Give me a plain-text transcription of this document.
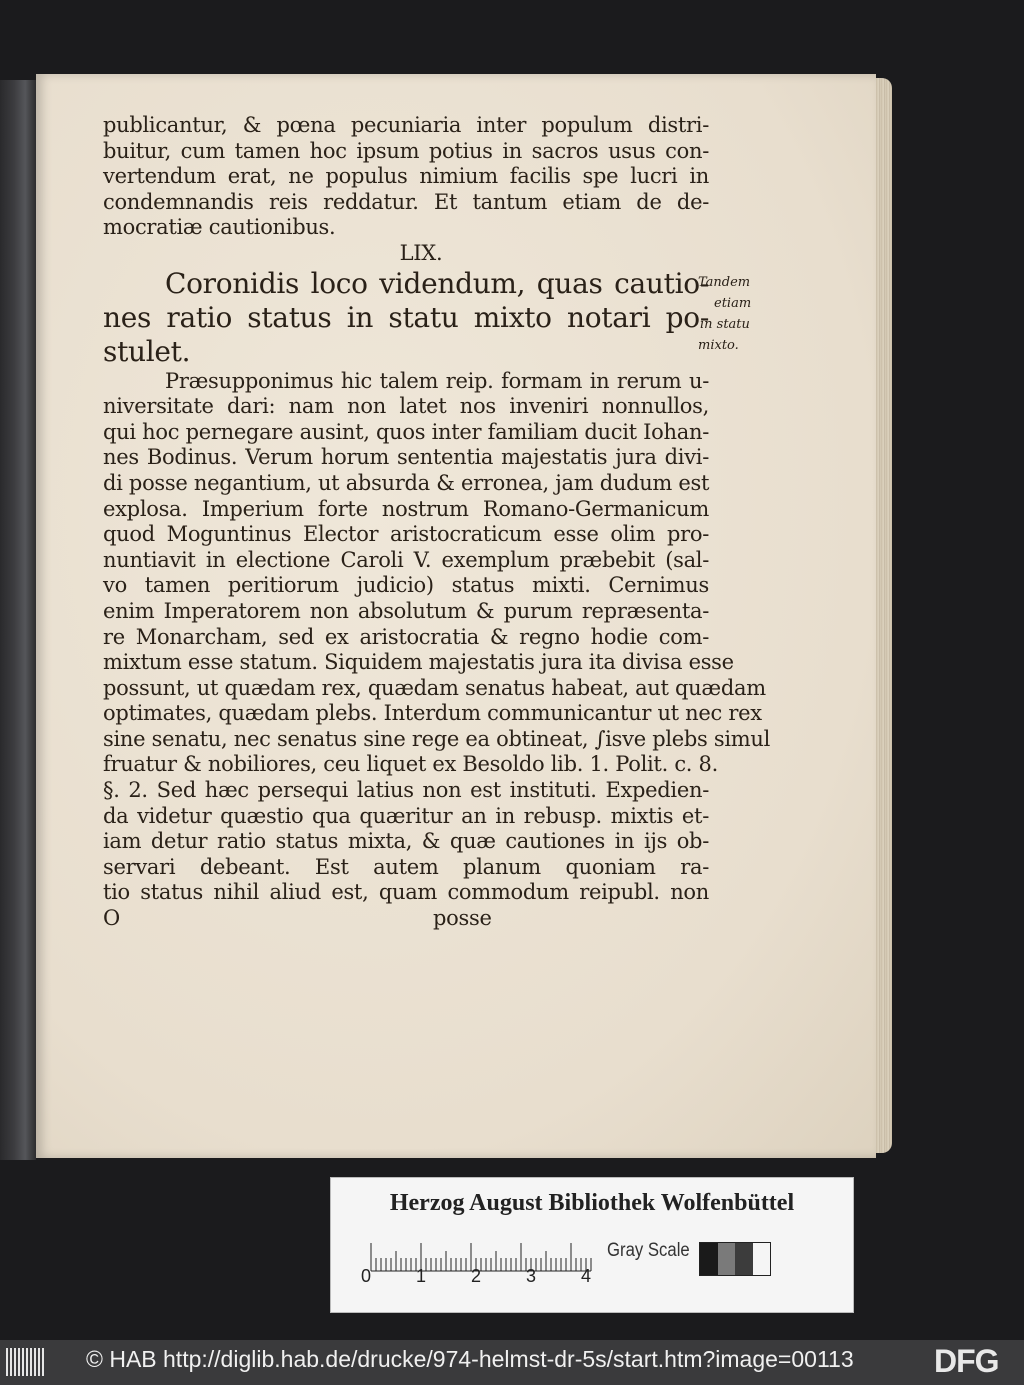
publicantur, & pœna pecuniaria inter populum distri-
buitur, cum tamen hoc ipsum potius in sacros usus con-
vertendum erat, ne populus nimium facilis spe lucri in
condemnandis reis reddatur. Et tantum etiam de de-
mocratiæ cautionibus.
LIX.
Coronidis loco videndum, quas cautio-
nes ratio status in statu mixto notari po-
stulet.
Præsupponimus hic talem reip. formam in rerum u-
niversitate dari: nam non latet nos inveniri nonnullos,
qui hoc pernegare ausint, quos inter familiam ducit Iohan-
nes Bodinus. Verum horum sententia majestatis jura divi-
di posse negantium, ut absurda & erronea, jam dudum est
explosa. Imperium forte nostrum Romano-Germanicum
quod Moguntinus Elector aristocraticum esse olim pro-
nuntiavit in electione Caroli V. exemplum præbebit (sal-
vo tamen peritiorum judicio) status mixti. Cernimus
enim Imperatorem non absolutum & purum repræsenta-
re Monarcham, sed ex aristocratia & regno hodie com-
mixtum esse statum. Siquidem majestatis jura ita divisa esse
possunt, ut quædam rex, quædam senatus habeat, aut quædam
optimates, quædam plebs. Interdum communicantur ut nec rex
sine senatu, nec senatus sine rege ea obtineat, ∫isve plebs simul
fruatur & nobiliores, ceu liquet ex Besoldo lib. 1. Polit. c. 8.
§. 2. Sed hæc persequi latius non est instituti. Expedien-
da videtur quæstio qua quæritur an in rebusp. mixtis et-
iam detur ratio status mixta, & quæ cautiones in ijs ob-
servari debeant. Est autem planum quoniam ra-
tio status nihil aliud est, quam commodum reipubl. non
O	posse
Tandem
etiam
in statu
mixto.
Herzog August Bibliothek Wolfenbüttel
0 1 2 3 4
Gray Scale
© HAB http://diglib.hab.de/drucke/974-helmst-dr-5s/start.htm?image=00113	DFG
